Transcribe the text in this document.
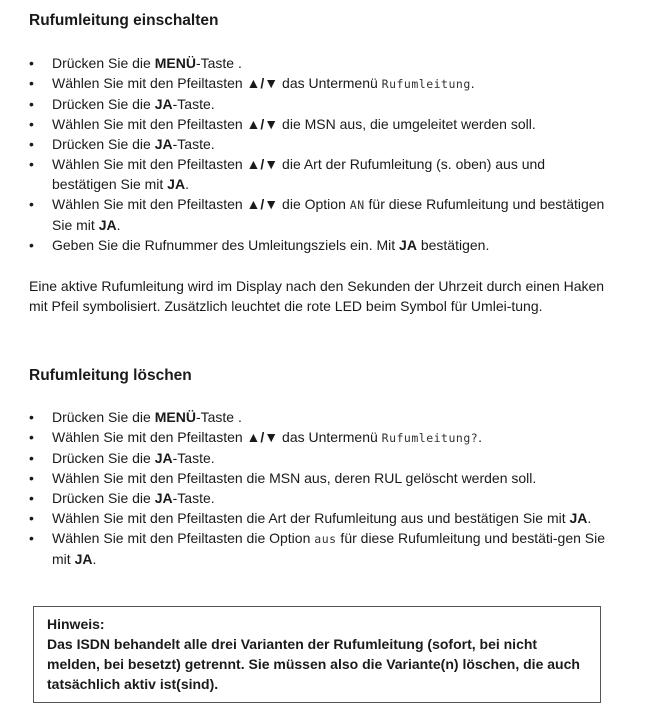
Rufumleitung einschalten
• Drücken Sie die MENÜ-Taste .
• Wählen Sie mit den Pfeiltasten ▲/▼ das Untermenü Rufumleitung.
• Drücken Sie die JA-Taste.
• Wählen Sie mit den Pfeiltasten ▲/▼ die MSN aus, die umgeleitet werden soll.
• Drücken Sie die JA-Taste.
• Wählen Sie mit den Pfeiltasten ▲/▼ die Art der Rufumleitung (s. oben) aus und bestätigen Sie mit JA.
• Wählen Sie mit den Pfeiltasten ▲/▼ die Option AN für diese Rufumleitung und bestätigen Sie mit JA.
• Geben Sie die Rufnummer des Umleitungsziels ein. Mit JA bestätigen.

Eine aktive Rufumleitung wird im Display nach den Sekunden der Uhrzeit durch einen Haken mit Pfeil symbolisiert. Zusätzlich leuchtet die rote LED beim Symbol für Umlei-tung.

Rufumleitung löschen
• Drücken Sie die MENÜ-Taste .
• Wählen Sie mit den Pfeiltasten ▲/▼ das Untermenü Rufumleitung?.
• Drücken Sie die JA-Taste.
• Wählen Sie mit den Pfeiltasten die MSN aus, deren RUL gelöscht werden soll.
• Drücken Sie die JA-Taste.
• Wählen Sie mit den Pfeiltasten die Art der Rufumleitung aus und bestätigen Sie mit JA.
• Wählen Sie mit den Pfeiltasten die Option aus für diese Rufumleitung und bestäti-gen Sie mit JA.
Hinweis:
Das ISDN behandelt alle drei Varianten der Rufumleitung (sofort, bei nicht melden, bei besetzt) getrennt. Sie müssen also die Variante(n) löschen, die auch tatsächlich aktiv ist(sind).
